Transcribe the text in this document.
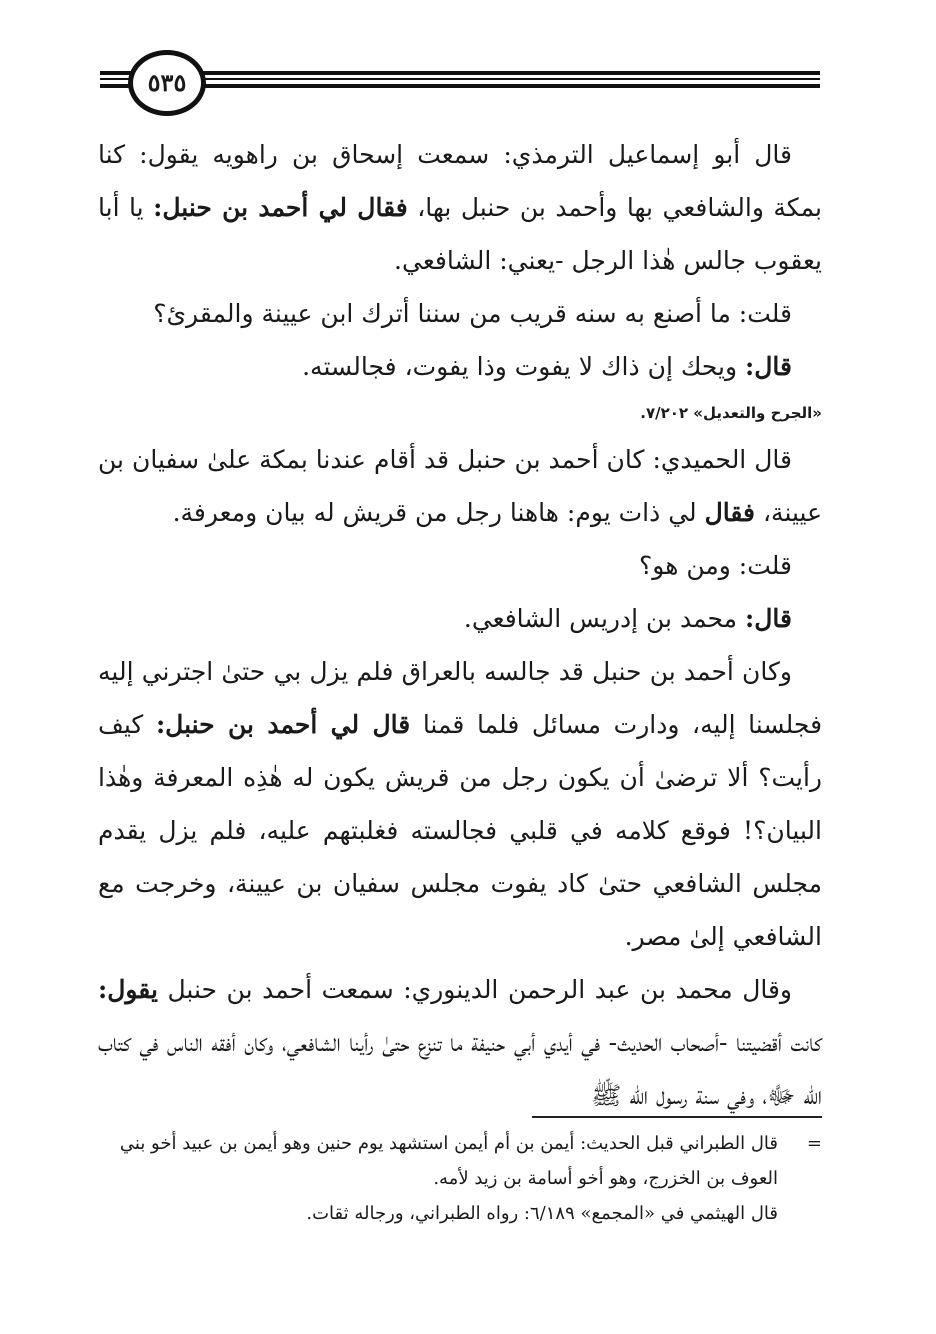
٥٣٥

قال أبو إسماعيل الترمذي: سمعت إسحاق بن راهويه يقول: كنا بمكة والشافعي بها وأحمد بن حنبل بها، فقال لي أحمد بن حنبل: يا أبا يعقوب جالس هٰذا الرجل -يعني: الشافعي.

قلت: ما أصنع به سنه قريب من سننا أترك ابن عيينة والمقرئ؟

قال: ويحك إن ذاك لا يفوت وذا يفوت، فجالسته.

«الجرح والتعديل» ٧/٢٠٢.

قال الحميدي: كان أحمد بن حنبل قد أقام عندنا بمكة علىٰ سفيان بن عيينة، فقال لي ذات يوم: هاهنا رجل من قريش له بيان ومعرفة.

قلت: ومن هو؟

قال: محمد بن إدريس الشافعي.

وكان أحمد بن حنبل قد جالسه بالعراق فلم يزل بي حتىٰ اجترني إليه فجلسنا إليه، ودارت مسائل فلما قمنا قال لي أحمد بن حنبل: كيف رأيت؟ ألا ترضىٰ أن يكون رجل من قريش يكون له هٰذِه المعرفة وهٰذا البيان؟! فوقع كلامه في قلبي فجالسته فغلبتهم عليه، فلم يزل يقدم مجلس الشافعي حتىٰ كاد يفوت مجلس سفيان بن عيينة، وخرجت مع الشافعي إلىٰ مصر.

وقال محمد بن عبد الرحمن الدينوري: سمعت أحمد بن حنبل يقول: كانت أقضيتنا -أصحاب الحديث- في أيدي أبي حنيفة ما تنزع حتىٰ رأينا الشافعي، وكان أفقه الناس في كتاب الله ﷻ، وفي سنة رسول الله ﷺ

=
قال الطبراني قبل الحديث: أيمن بن أم أيمن استشهد يوم حنين وهو أيمن بن عبيد أخو بني العوف بن الخزرج، وهو أخو أسامة بن زيد لأمه.

قال الهيثمي في «المجمع» ٦/١٨٩: رواه الطبراني، ورجاله ثقات.
